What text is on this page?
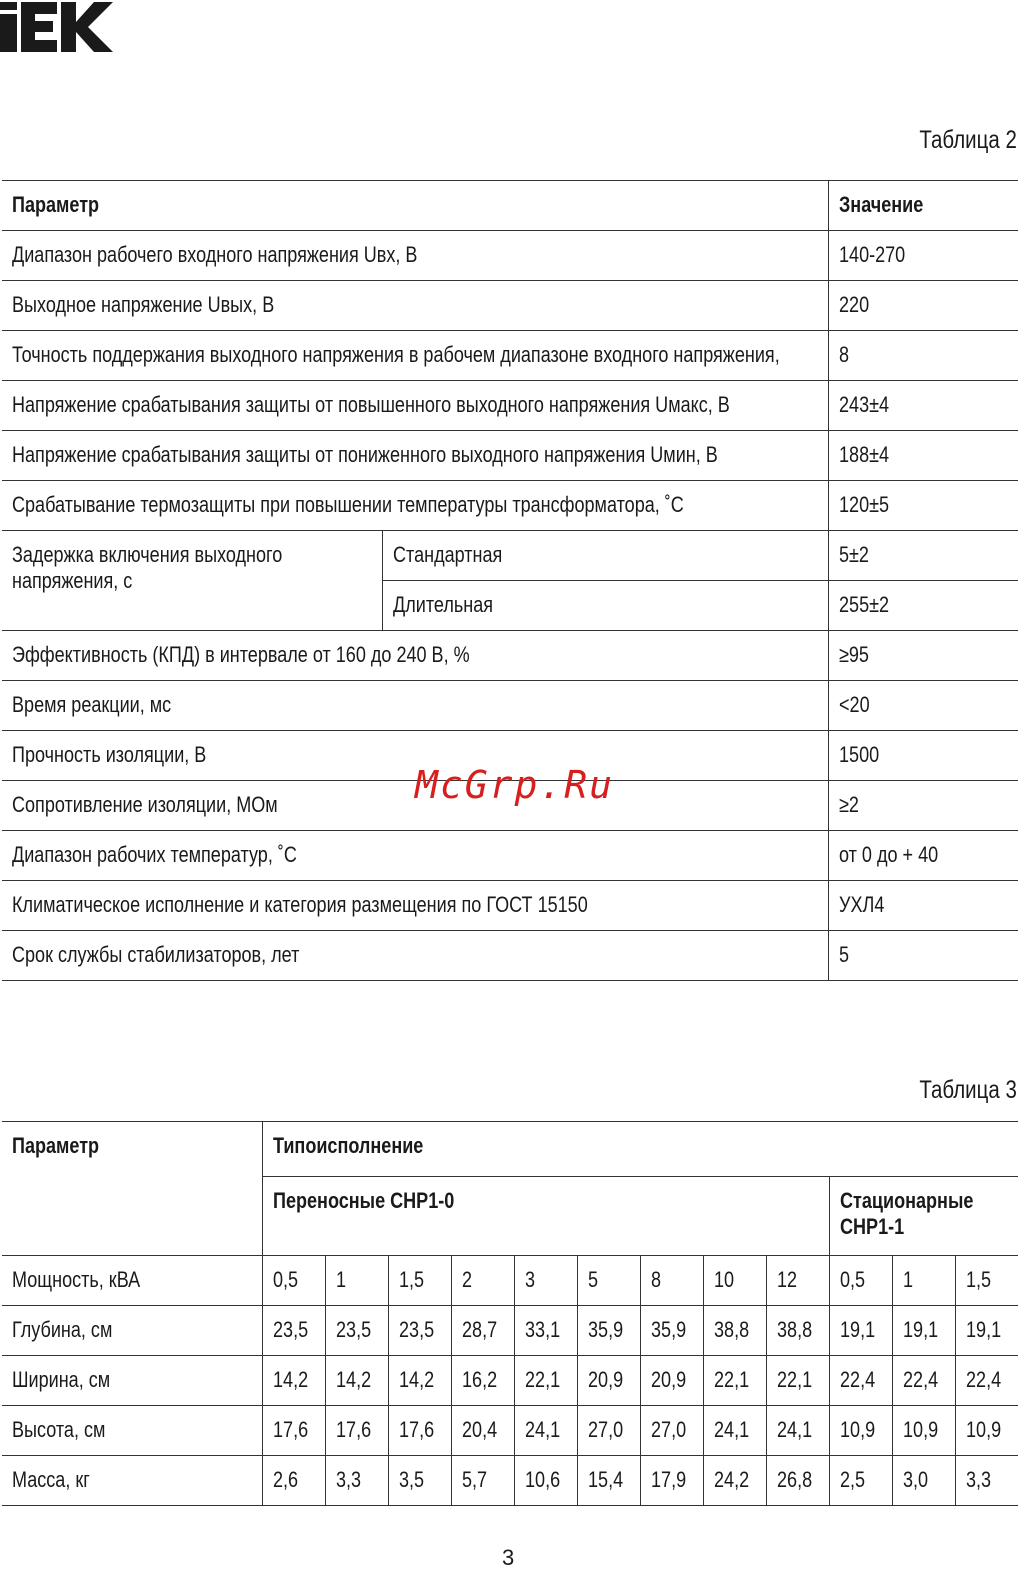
Таблица 2
Параметр		Значение
Диапазон рабочего входного напряжения Uвх, В		140-270
Выходное напряжение Uвых, В		220
Точность поддержания выходного напряжения в рабочем диапазоне входного напряжения,		8
Напряжение срабатывания защиты от повышенного выходного напряжения Uмакс, В		243±4
Напряжение срабатывания защиты от пониженного выходного напряжения Uмин, В		188±4
Срабатывание термозащиты при повышении температуры трансформатора, ˚С		120±5

Задержка включения выходного напряжения, с	Стандартная	5±2
	Длительная	255±2
Эффективность (КПД) в интервале от 160 до 240 В, %		≥95
Время реакции, мс		<20
Прочность изоляции, В		1500
Сопротивление изоляции, МОм		≥2
Диапазон рабочих температур, ˚С		от 0 до + 40
Климатическое исполнение и категория размещения по ГОСТ 15150		УХЛ4
Срок службы стабилизаторов, лет		5
McGrp.Ru
Таблица 3
Параметр	Типоисполнение											
	Переносные СНР1-0									Стационарные СНР1-1		

Мощность, кВА	0,5	1	1,5	2	3	5	8	10	12	0,5	1	1,5
Глубина, см	23,5	23,5	23,5	28,7	33,1	35,9	35,9	38,8	38,8	19,1	19,1	19,1
Ширина, см	14,2	14,2	14,2	16,2	22,1	20,9	20,9	22,1	22,1	22,4	22,4	22,4
Высота, см	17,6	17,6	17,6	20,4	24,1	27,0	27,0	24,1	24,1	10,9	10,9	10,9
Масса, кг	2,6	3,3	3,5	5,7	10,6	15,4	17,9	24,2	26,8	2,5	3,0	3,3
3
